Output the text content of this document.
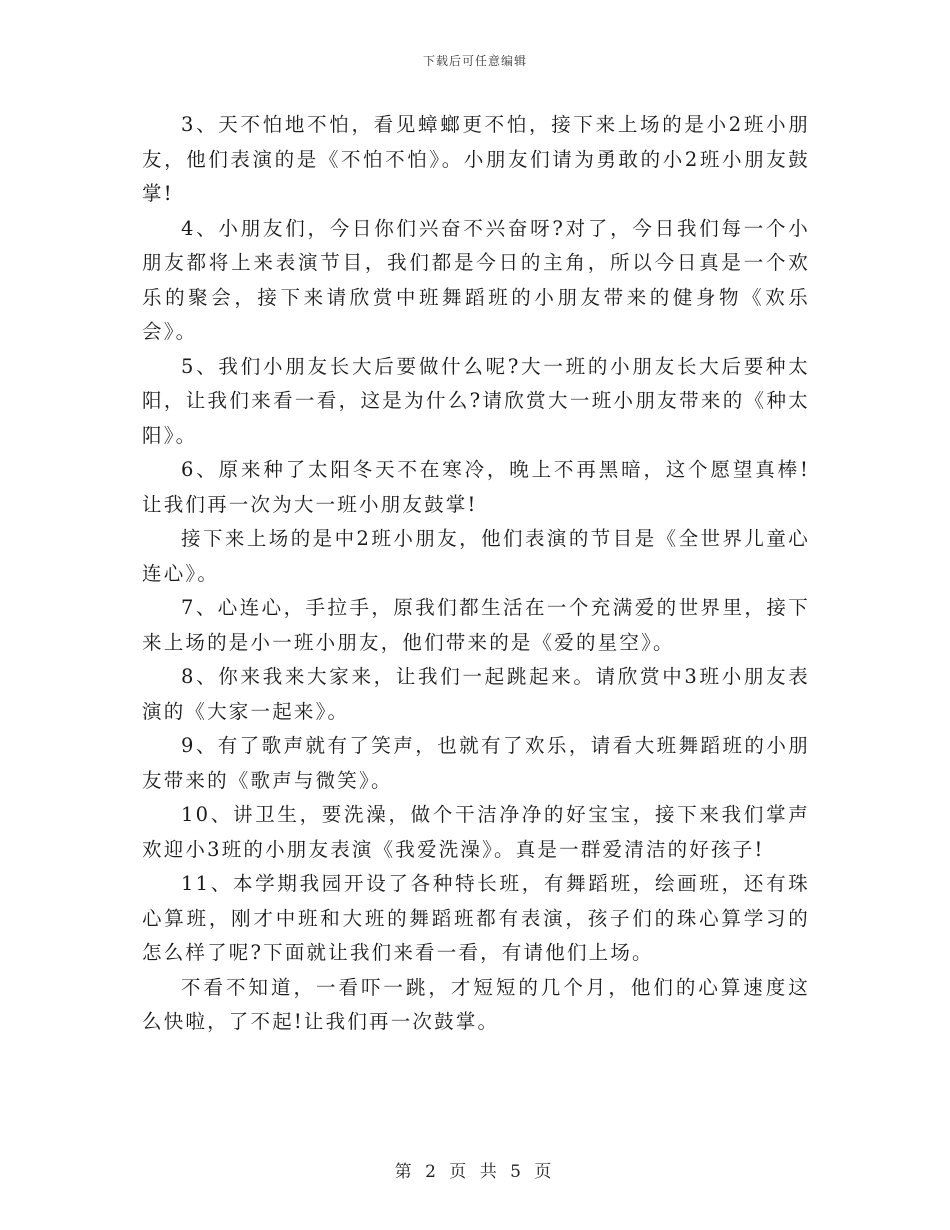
下载后可任意编辑

3、天不怕地不怕，看见蟑螂更不怕，接下来上场的是小2班小朋友，他们表演的是《不怕不怕》。小朋友们请为勇敢的小2班小朋友鼓掌!

4、小朋友们，今日你们兴奋不兴奋呀?对了，今日我们每一个小朋友都将上来表演节目，我们都是今日的主角，所以今日真是一个欢乐的聚会，接下来请欣赏中班舞蹈班的小朋友带来的健身物《欢乐会》。

5、我们小朋友长大后要做什么呢?大一班的小朋友长大后要种太阳，让我们来看一看，这是为什么?请欣赏大一班小朋友带来的《种太阳》。

6、原来种了太阳冬天不在寒冷，晚上不再黑暗，这个愿望真棒!让我们再一次为大一班小朋友鼓掌!

接下来上场的是中2班小朋友，他们表演的节目是《全世界儿童心连心》。

7、心连心，手拉手，原我们都生活在一个充满爱的世界里，接下来上场的是小一班小朋友，他们带来的是《爱的星空》。

8、你来我来大家来，让我们一起跳起来。请欣赏中3班小朋友表演的《大家一起来》。

9、有了歌声就有了笑声，也就有了欢乐，请看大班舞蹈班的小朋友带来的《歌声与微笑》。

10、讲卫生，要洗澡，做个干洁净净的好宝宝，接下来我们掌声欢迎小3班的小朋友表演《我爱洗澡》。真是一群爱清洁的好孩子!

11、本学期我园开设了各种特长班，有舞蹈班，绘画班，还有珠心算班，刚才中班和大班的舞蹈班都有表演，孩子们的珠心算学习的怎么样了呢?下面就让我们来看一看，有请他们上场。

不看不知道，一看吓一跳，才短短的几个月，他们的心算速度这么快啦，了不起!让我们再一次鼓掌。

第 2 页 共 5 页
